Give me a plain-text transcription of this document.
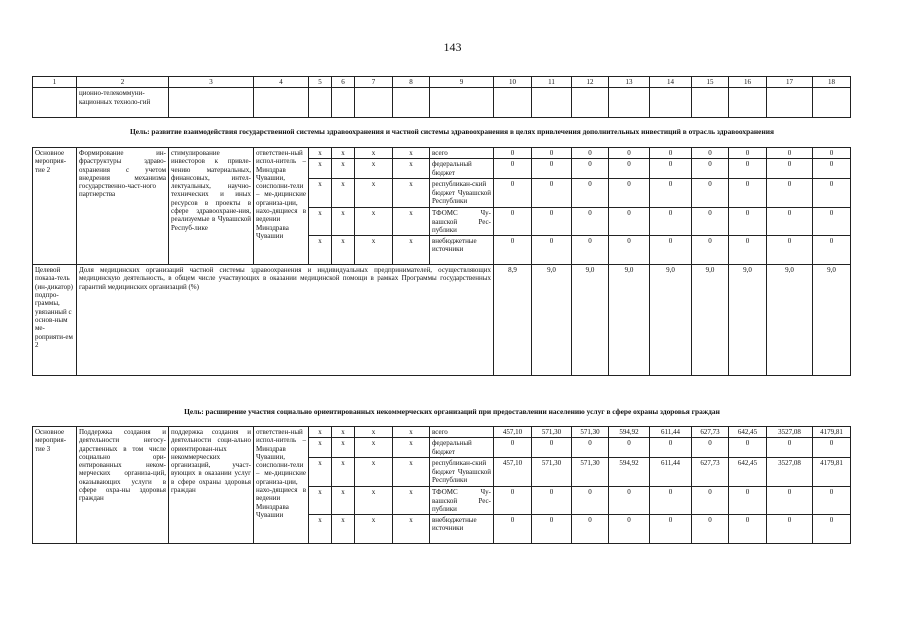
143
1	2	3	4	5	6	7	8	9	10	11	12	13	14	15	16	17	18
	ционно-телекоммуни-кационных техноло-гий																
Цель: развитие взаимодействия государственной системы здравоохранения и частной системы здравоохранения в целях привлечения дополнительных инвестиций в отрасль здравоохранения
Основное мероприя-тие 2	Формирование ин-фраструктуры здраво-охранения с учетом внедрения механизма государственно-част-ного партнерства	стимулирование инвесторов к привле-чению материальных, финансовых, интел-лектуальных, научно-технических и иных ресурсов в проекты в сфере здравоохране-ния, реализуемые в Чувашской Респуб-лике	ответствен-ный испол-нитель – Минздрав Чувашии, соисполни-тели – ме-дицинские организа-ции, нахо-дящиеся в ведении Минздрава Чувашии	x	x	x	x	всего	0	0	0	0	0	0	0	0	0
				x	x	x	x	федеральный бюджет	0	0	0	0	0	0	0	0	0
				x	x	x	x	республикан-ский бюджет Чувашской Республики	0	0	0	0	0	0	0	0	0
				x	x	x	x	ТФОМС Чу-вашской Рес-публики	0	0	0	0	0	0	0	0	0
				x	x	x	x	внебюджетные источники	0	0	0	0	0	0	0	0	0
Целевой показа-тель (ин-дикатор) подпро-граммы, увязанный с основ-ным ме-роприяти-ем 2	Доля медицинских организаций частной системы здравоохранения и индивидуальных предпринимателей, осуществляющих медицинскую деятельность, в общем числе участвующих в оказании медицинской помощи в рамках Программы государственных гарантий медицинских организаций (%)								8,9	9,0	9,0	9,0	9,0	9,0	9,0	9,0	9,0
Цель: расширение участия социально ориентированных некоммерческих организаций при предоставлении населению услуг в сфере охраны здоровья граждан
Основное мероприя-тие 3	Поддержка создания и деятельности негосу-дарственных в том числе социально ори-ентированных неком-мерческих организа-ций, оказывающих услуги в сфере охра-ны здоровья граждан	поддержка создания и деятельности соци-ально ориентирован-ных некоммерческих организаций, участ-вующих в оказании услуг в сфере охраны здоровья граждан	ответствен-ный испол-нитель – Минздрав Чувашии, соисполни-тели – ме-дицинские организа-ции, нахо-дящиеся в ведении Минздрава Чувашии	x	x	x	x	всего	457,10	571,30	571,30	594,92	611,44	627,73	642,45	3527,08	4179,81
				x	x	x	x	федеральный бюджет	0	0	0	0	0	0	0	0	0
				x	x	x	x	республикан-ский бюджет Чувашской Республики	457,10	571,30	571,30	594,92	611,44	627,73	642,45	3527,08	4179,81
				x	x	x	x	ТФОМС Чу-вашской Рес-публики	0	0	0	0	0	0	0	0	0
				x	x	x	x	внебюджетные источники	0	0	0	0	0	0	0	0	0
